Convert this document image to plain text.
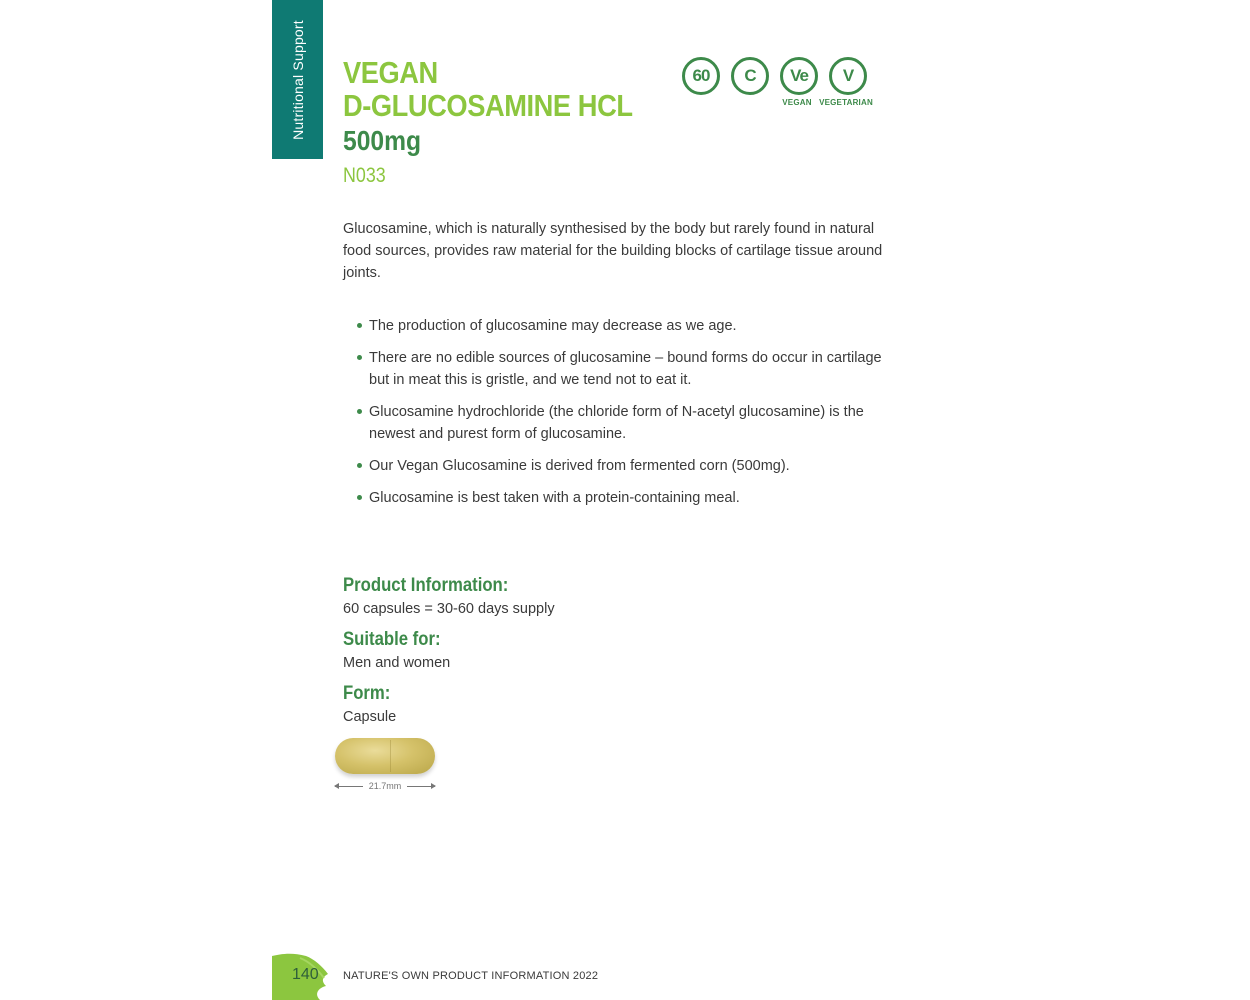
Nutritional Support VEGAN
D-GLUCOSAMINE HCL
500mg
N033
60	C	Ve
VEGAN
V
VEGETARIAN

Glucosamine, which is naturally synthesised by the body but rarely found in natural food sources, provides raw material for the building blocks of cartilage tissue around joints.

The production of glucosamine may decrease as we age.
There are no edible sources of glucosamine – bound forms do occur in cartilage but in meat this is gristle, and we tend not to eat it.
Glucosamine hydrochloride (the chloride form of N-acetyl glucosamine) is the newest and purest form of glucosamine.
Our Vegan Glucosamine is derived from fermented corn (500mg).
Glucosamine is best taken with a protein-containing meal.
Product Information:
60 capsules = 30-60 days supply
Suitable for:
Men and women
Form:
Capsule
21.7mm
140 NATURE'S OWN PRODUCT INFORMATION 2022
